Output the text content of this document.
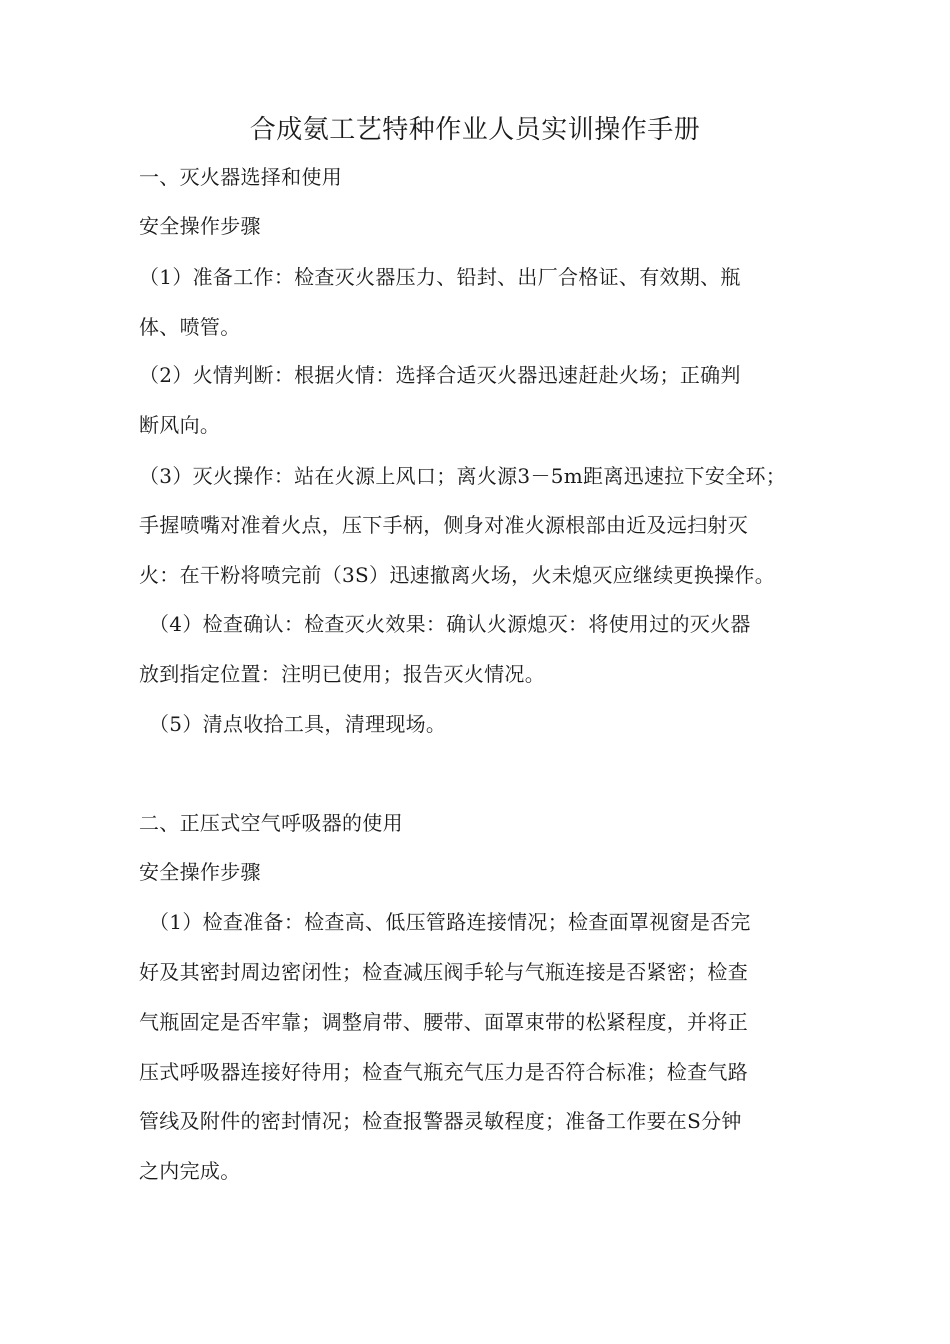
合成氨工艺特种作业人员实训操作手册
一、灭火器选择和使用
安全操作步骤
（1）准备工作：检查灭火器压力、铅封、出厂合格证、有效期、瓶
体、喷管。
（2）火情判断：根据火情：选择合适灭火器迅速赶赴火场；正确判
断风向。
（3）灭火操作：站在火源上风口；离火源3－5m距离迅速拉下安全环；
手握喷嘴对准着火点，压下手柄，侧身对准火源根部由近及远扫射灭
火：在干粉将喷完前（3S）迅速撤离火场，火未熄灭应继续更换操作。
（4）检查确认：检查灭火效果：确认火源熄灭：将使用过的灭火器
放到指定位置：注明已使用；报告灭火情况。
（5）清点收拾工具，清理现场。
二、正压式空气呼吸器的使用
安全操作步骤
（1）检查准备：检查高、低压管路连接情况；检查面罩视窗是否完
好及其密封周边密闭性；检查减压阀手轮与气瓶连接是否紧密；检查
气瓶固定是否牢靠；调整肩带、腰带、面罩束带的松紧程度，并将正
压式呼吸器连接好待用；检查气瓶充气压力是否符合标准；检查气路
管线及附件的密封情况；检查报警器灵敏程度；准备工作要在S分钟
之内完成。
